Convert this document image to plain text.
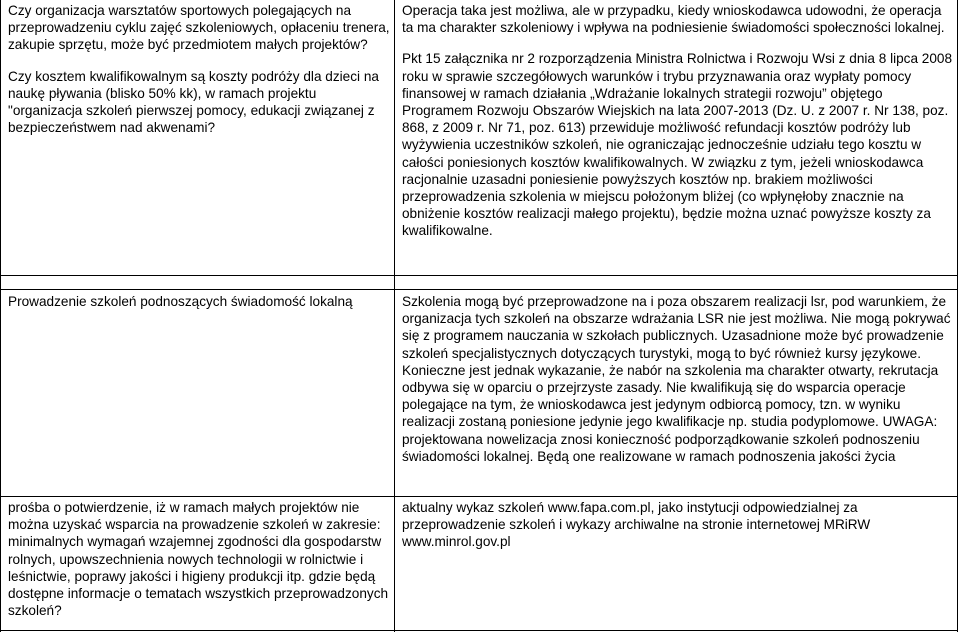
Czy organizacja warsztatów sportowych polegających na przeprowadzeniu cyklu zajęć szkoleniowych, opłaceniu trenera, zakupie sprzętu, może być przedmiotem małych projektów?

Czy kosztem kwalifikowalnym są koszty podróży dla dzieci na naukę pływania (blisko 50% kk), w ramach projektu "organizacja szkoleń pierwszej pomocy, edukacji związanej z bezpieczeństwem nad akwenami?

Operacja taka jest możliwa, ale w przypadku, kiedy wnioskodawca udowodni, że operacja ta ma charakter szkoleniowy i wpływa na podniesienie świadomości społeczności lokalnej.

Pkt 15 załącznika nr 2 rozporządzenia Ministra Rolnictwa i Rozwoju Wsi z dnia 8 lipca 2008 roku w sprawie szczegółowych warunków i trybu przyznawania oraz wypłaty pomocy finansowej w ramach działania „Wdrażanie lokalnych strategii rozwoju” objętego Programem Rozwoju Obszarów Wiejskich na lata 2007-2013 (Dz. U. z 2007 r. Nr 138, poz. 868, z 2009 r. Nr 71, poz. 613) przewiduje możliwość refundacji kosztów podróży lub wyżywienia uczestników szkoleń, nie ograniczając jednocześnie udziału tego kosztu w całości poniesionych kosztów kwalifikowalnych. W związku z tym, jeżeli wnioskodawca racjonalnie uzasadni poniesienie powyższych kosztów np. brakiem możliwości przeprowadzenia szkolenia w miejscu położonym bliżej (co wpłynęłoby znacznie na obniżenie kosztów realizacji małego projektu), będzie można uznać powyższe koszty za kwalifikowalne.

Prowadzenie szkoleń podnoszących świadomość lokalną	Szkolenia mogą być przeprowadzone na i poza obszarem realizacji lsr, pod warunkiem, że organizacja tych szkoleń na obszarze wdrażania LSR nie jest możliwa. Nie mogą pokrywać się z programem nauczania w szkołach publicznych. Uzasadnione może być prowadzenie szkoleń specjalistycznych dotyczących turystyki, mogą to być również kursy językowe. Konieczne jest jednak wykazanie, że nabór na szkolenia ma charakter otwarty, rekrutacja odbywa się w oparciu o przejrzyste zasady. Nie kwalifikują się do wsparcia operacje polegające na tym, że wnioskodawca jest jedynym odbiorcą pomocy, tzn. w wyniku realizacji zostaną poniesione jedynie jego kwalifikacje np. studia podyplomowe. UWAGA: projektowana nowelizacja znosi konieczność podporządkowanie szkoleń podnoszeniu świadomości lokalnej. Będą one realizowane w ramach podnoszenia jakości życia

prośba o potwierdzenie, iż w ramach małych projektów nie można uzyskać wsparcia na prowadzenie szkoleń w zakresie: minimalnych wymagań wzajemnej zgodności dla gospodarstw rolnych, upowszechnienia nowych technologii w rolnictwie i leśnictwie, poprawy jakości i higieny produkcji itp. gdzie będą dostępne informacje o tematach wszystkich przeprowadzonych szkoleń?

aktualny wykaz szkoleń www.fapa.com.pl, jako instytucji odpowiedzialnej za przeprowadzenie szkoleń i wykazy archiwalne na stronie internetowej MRiRW www.minrol.gov.pl
